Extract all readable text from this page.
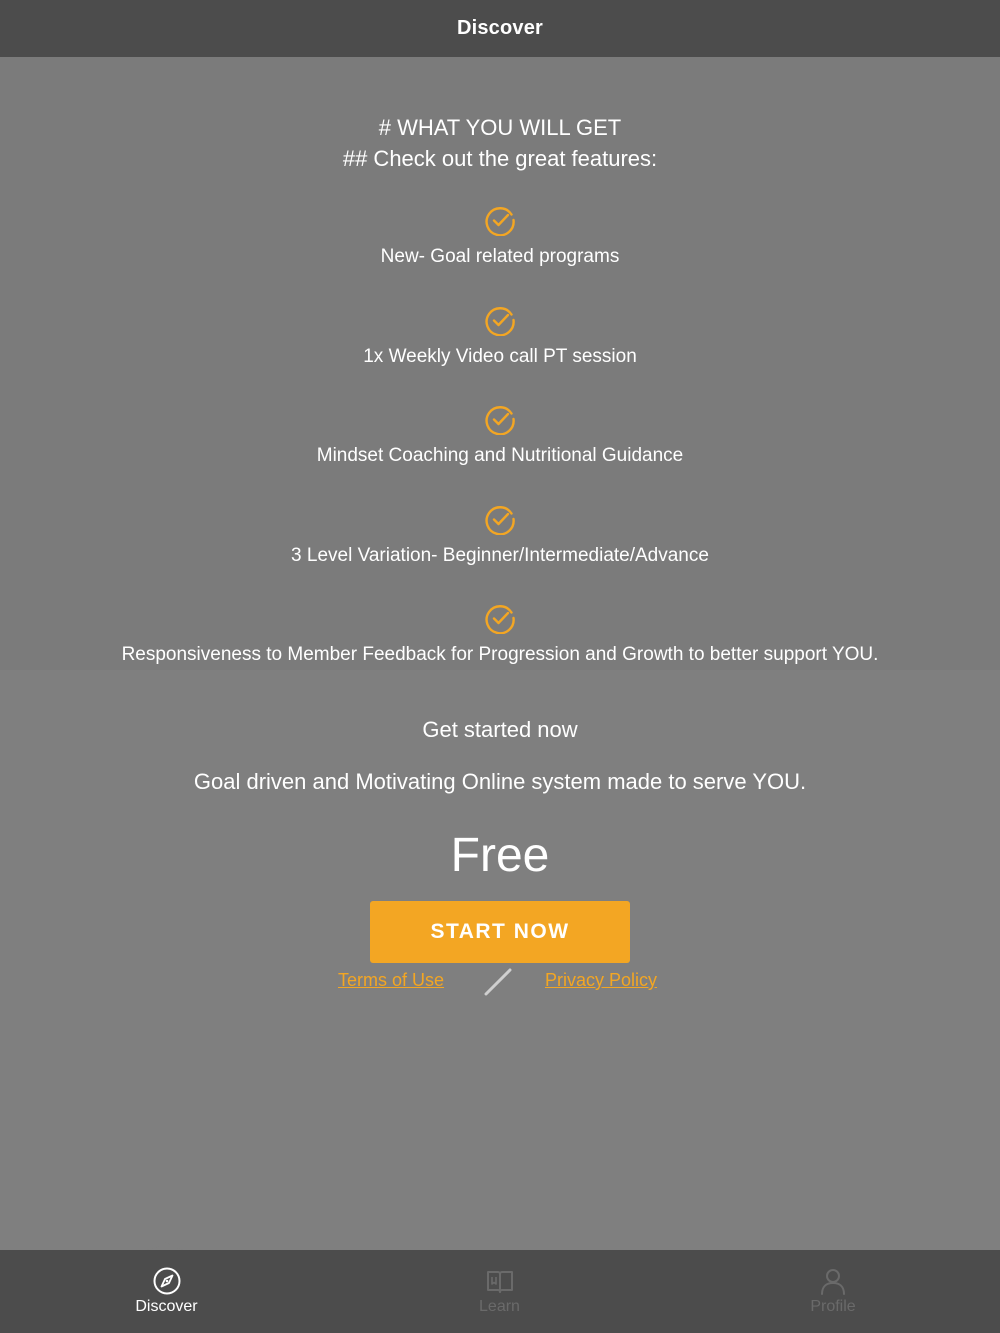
Discover
# WHAT YOU WILL GET
## Check out the great features:
New- Goal related programs
1x Weekly Video call PT session
Mindset Coaching and Nutritional Guidance
3 Level Variation- Beginner/Intermediate/Advance
Responsiveness to Member Feedback for Progression and Growth to better support YOU.
Get started now
Goal driven and Motivating Online system made to serve YOU.
Free
START NOW
Terms of Use	Privacy Policy
Discover	Learn	Profile
